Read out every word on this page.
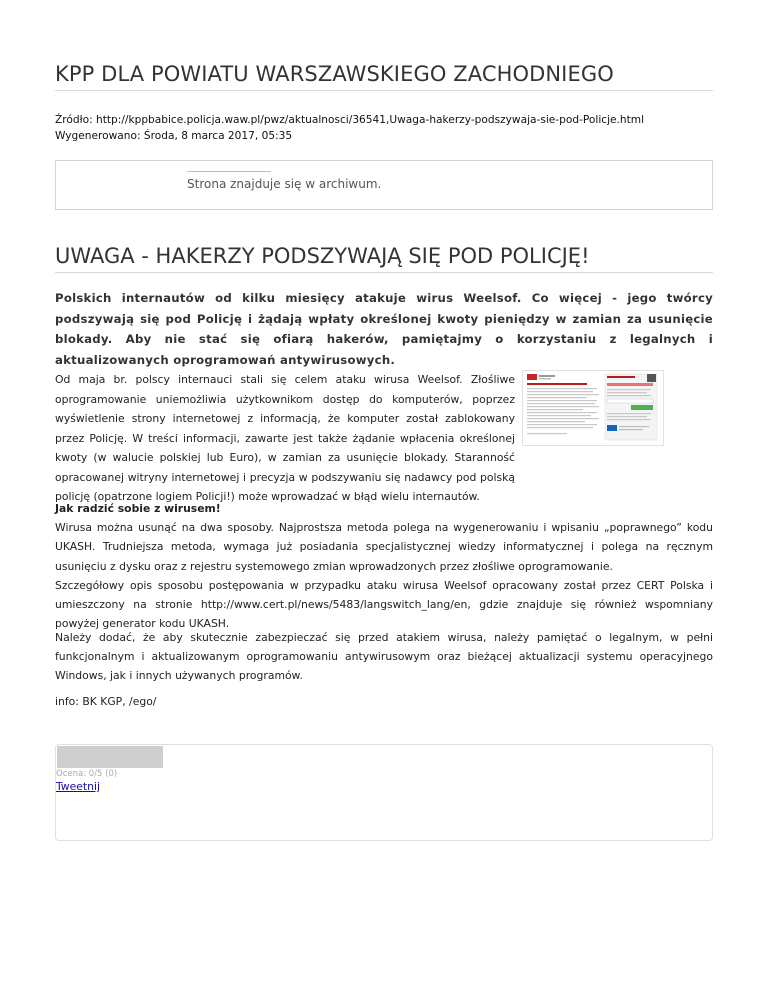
KPP DLA POWIATU WARSZAWSKIEGO ZACHODNIEGO
Źródło: http://kppbabice.policja.waw.pl/pwz/aktualnosci/36541,Uwaga-hakerzy-podszywaja-sie-pod-Policje.html
Wygenerowano: Środa, 8 marca 2017, 05:35
Strona znajduje się w archiwum.
UWAGA - HAKERZY PODSZYWAJĄ SIĘ POD POLICJĘ!

Polskich internautów od kilku miesięcy atakuje wirus Weelsof. Co więcej - jego twórcy podszywają się pod Policję i żądają wpłaty określonej kwoty pieniędzy w zamian za usunięcie blokady. Aby nie stać się ofiarą hakerów, pamiętajmy o korzystaniu z legalnych i aktualizowanych oprogramowań antywirusowych.

Od maja br. polscy internauci stali się celem ataku wirusa Weelsof. Złośliwe oprogramowanie uniemożliwia użytkownikom dostęp do komputerów, poprzez wyświetlenie strony internetowej z informacją, że komputer został zablokowany przez Policję. W treści informacji, zawarte jest także żądanie wpłacenia określonej kwoty (w walucie polskiej lub Euro), w zamian za usunięcie blokady. Staranność opracowanej witryny internetowej i precyzja w podszywaniu się nadawcy pod polską policję (opatrzone logiem Policji!) może wprowadzać w błąd wielu internautów.

Jak radzić sobie z wirusem!

Wirusa można usunąć na dwa sposoby. Najprostsza metoda polega na wygenerowaniu i wpisaniu „poprawnego” kodu UKASH. Trudniejsza metoda, wymaga już posiadania specjalistycznej wiedzy informatycznej i polega na ręcznym usunięciu z dysku oraz z rejestru systemowego zmian wprowadzonych przez złośliwe oprogramowanie.

Szczegółowy opis sposobu postępowania w przypadku ataku wirusa Weelsof opracowany został przez CERT Polska i umieszczony na stronie http://www.cert.pl/news/5483/langswitch_lang/en, gdzie znajduje się również wspomniany powyżej generator kodu UKASH.

Należy dodać, że aby skutecznie zabezpieczać się przed atakiem wirusa, należy pamiętać o legalnym, w pełni funkcjonalnym i aktualizowanym oprogramowaniu antywirusowym oraz bieżącej aktualizacji systemu operacyjnego Windows, jak i innych używanych programów.

info: BK KGP, /ego/

Ocena: 0/5 (0)
Tweetnij
